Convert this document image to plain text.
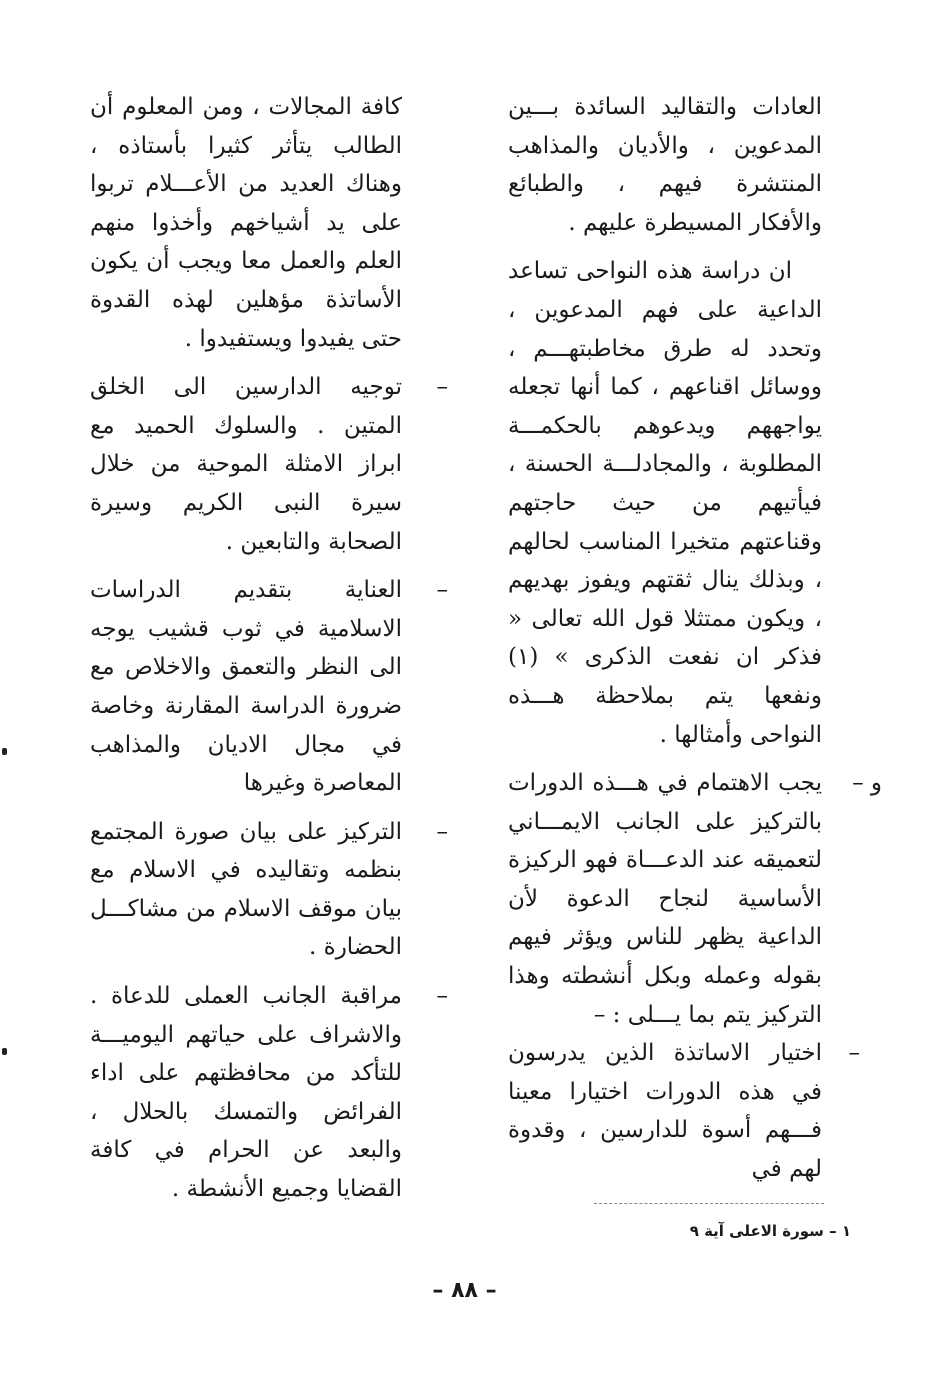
العادات والتقاليد السائدة بـــين المدعوين ، والأديان والمذاهب المنتشرة فيهم ، والطبائع والأفكار المسيطرة عليهم .

ان دراسة هذه النواحى تساعد الداعية على فهم المدعوين ، وتحدد له طرق مخاطبتهـــم ، ووسائل اقناعهم ، كما أنها تجعله يواجههم ويدعوهم بالحكمـــة المطلوبة ، والمجادلـــة الحسنة ، فيأتيهم من حيث حاجتهم وقناعتهم متخيرا المناسب لحالهم ، وبذلك ينال ثقتهم ويفوز بهديهم ، ويكون ممتثلا قول الله تعالى « فذكر ان نفعت الذكرى » (١) ونفعها يتم بملاحظة هـــذه النواحى وأمثالها .

و –

يجب الاهتمام في هـــذه الدورات بالتركيز على الجانب الايمـــاني لتعميقه عند الدعـــاة فهو الركيزة الأساسية لنجاح الدعوة لأن الداعية يظهر للناس ويؤثر فيهم بقوله وعمله وبكل أنشطته وهذا التركيز يتم بما يـــلى : –

–

اختيار الاساتذة الذين يدرسون في هذه الدورات اختيارا معينا فـــهم أسوة للدارسين ، وقدوة لهم في

كافة المجالات ، ومن المعلوم أن الطالب يتأثر كثيرا بأستاذه ، وهناك العديد من الأعـــلام تربوا على يد أشياخهم وأخذوا منهم العلم والعمل معا ويجب أن يكون الأساتذة مؤهلين لهذه القدوة حتى يفيدوا ويستفيدوا .

–

توجيه الدارسين الى الخلق المتين . والسلوك الحميد مع ابراز الامثلة الموحية من خلال سيرة النبى الكريم وسيرة الصحابة والتابعين .

–

العناية بتقديم الدراسات الاسلامية في ثوب قشيب يوجه الى النظر والتعمق والاخلاص مع ضرورة الدراسة المقارنة وخاصة في مجال الاديان والمذاهب المعاصرة وغيرها

–

التركيز على بيان صورة المجتمع بنظمه وتقاليده في الاسلام مع بيان موقف الاسلام من مشاكـــل الحضارة .

–

مراقبة الجانب العملى للدعاة . والاشراف على حياتهم اليوميـــة للتأكد من محافظتهم على اداء الفرائض والتمسك بالحلال ، والبعد عن الحرام في كافة القضايا وجميع الأنشطة .

١ – سورة الاعلى آية ٩
– ٨٨ –
